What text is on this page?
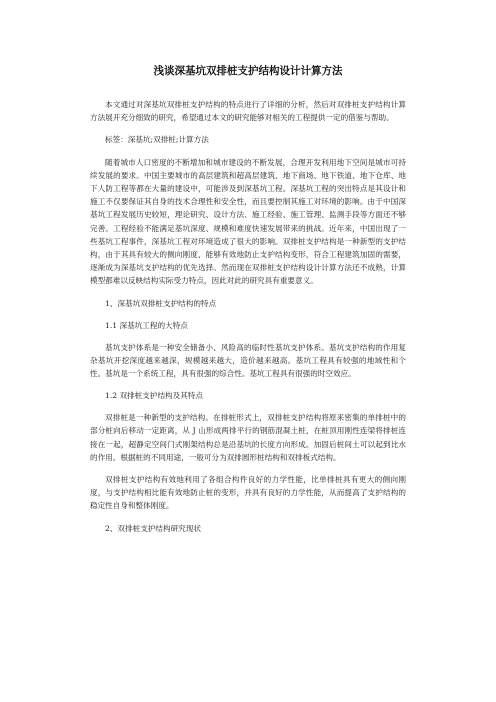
浅谈深基坑双排桩支护结构设计计算方法

本文通过对深基坑双排桩支护结构的特点进行了详细的分析，然后对双排桩支护结构计算方法展开充分细致的研究，希望通过本文的研究能够对相关的工程提供一定的借鉴与帮助。

标签：深基坑;双排桩;计算方法

随着城市人口密度的不断增加和城市建设的不断发展，合理开发利用地下空间是城市可持续发展的要求。中国主要城市的高层建筑和超高层建筑、地下商场、地下铁道、地下仓库、地下人防工程等都在大量的建设中，可能涉及到深基坑工程。深基坑工程的突出特点是其设计和施工不仅要保证其自身的技术合理性和安全性，而且要控制其施工对环境的影响。由于中国深基坑工程发展历史较短，理论研究、设计方法、施工经验、施工管理、监测手段等方面还不够完善。工程经验不能满足基坑深度、规模和难度快速发展带来的挑战。近年来，中国出现了一些基坑工程事件，深基坑工程对环境造成了很大的影响。双排桩支护结构是一种新型的支护结构，由于其具有较大的侧向刚度，能够有效地防止支护结构变形，符合工程建筑加固的需要，逐渐成为深基坑支护结构的优先选择。然而现在双排桩支护结构设计计算方法还不成熟，计算模型都难以反映结构实际受力特点，因此对此的研究具有重要意义。

1、深基坑双排桩支护结构的特点

1.1 深基坑工程的大特点

基坑支护体系是一种安全储备小、风险高的临时性基坑支护体系。基坑支护结构的作用复杂基坑开挖深度越来越深，规模越来越大，造价越来越高。基坑工程具有较强的地域性和个性。基坑是一个系统工程，具有很强的综合性。基坑工程具有很强的时空效应。

1.2 双排桩支护结构及其特点

双排桩是一种新型的支护结构。在排桩形式上，双排桩支护结构将原来密集的单排桩中的部分桩向后移动一定距离，从 J 山形成两排平行的钢筋混凝土桩，在桩顶用刚性连梁将排桩连接在一起，超静定空间门式刚架结构总是沿基坑的长度方向形成。加固后桩间土可以起到比水的作用。根据桩的不同用途，一般可分为双排圆形桩结构和双排板式结构。

双排桩支护结构有效地利用了各组合构件良好的力学性能，比单排桩具有更大的侧向刚度，与支护结构相比能有效地防止桩的变形，并具有良好的力学性能，从而提高了支护结构的稳定性自身和整体刚度。

2、双排桩支护结构研究现状
